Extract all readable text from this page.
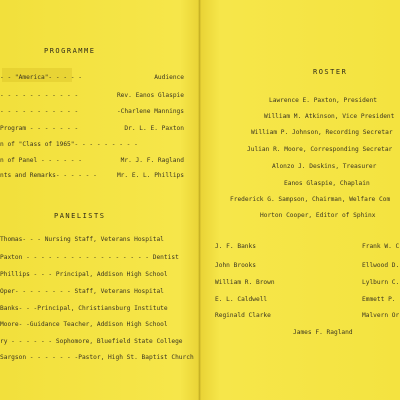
PROGRAMME
- - "America"- - - - -	Audience
- - - - - - - - - - -	Rev. Eanos Glaspie
- - - - - - - - - - -	-Charlene Mannings
Program - - - - - - -	Dr. L. E. Paxton
n of "Class of 1965"- - - - - - - - -
n of Panel - - - - - -	Mr. J. F. Ragland
nts and Remarks- - - - - -	Mr. E. L. Phillips
PANELISTS
Thomas- - - Nursing Staff, Veterans Hospital
Paxton - - - - - - - - - - - - - - - - - Dentist
Phillips - - - Principal, Addison High School
Oper- - - - - - - - Staff, Veterans Hospital
Banks- - -Principal, Christiansburg Institute
Moore- -Guidance Teacher, Addison High School
ry - - - - - - Sophomore, Bluefield State College
Sargson - - - - - - -Pastor, High St. Baptist Church
ROSTER
Lawrence E. Paxton, President
William M. Atkinson, Vice President
William P. Johnson, Recording Secretar
Julian R. Moore, Corresponding Secretar
Alonzo J. Deskins, Treasurer
Eanos Glaspie, Chaplain
Frederick G. Sampson, Chairman, Welfare Com
Horton Cooper, Editor of Sphinx
J. F. Banks	Frank W. C
John Brooks	Ellwood D.
William R. Brown	Lylburn C.
E. L. Caldwell	Emmett P.
Reginald Clarke	Malvern Or
James F. Ragland
